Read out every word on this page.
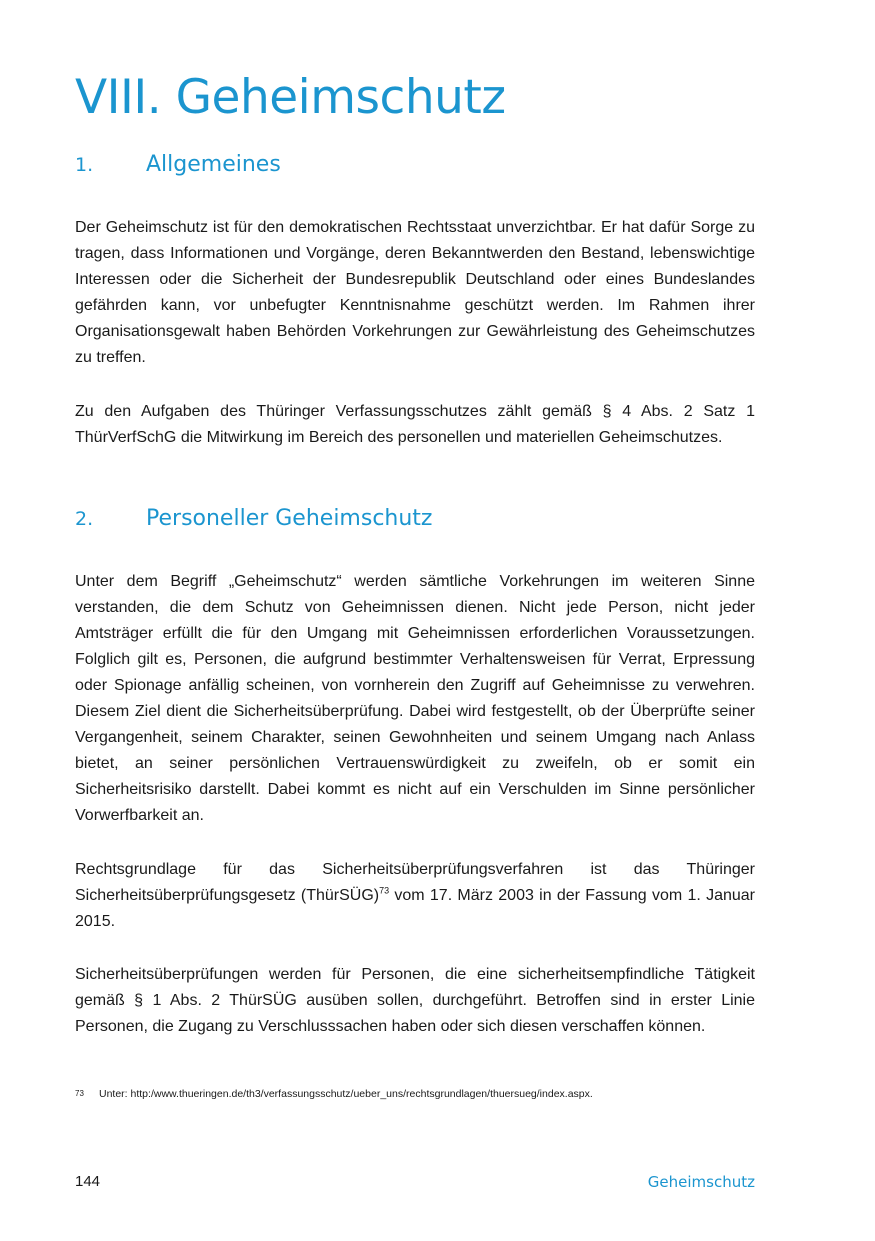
VIII. Geheimschutz
1. Allgemeines

Der Geheimschutz ist für den demokratischen Rechtsstaat unverzichtbar. Er hat dafür Sorge zu tragen, dass Informationen und Vorgänge, deren Bekanntwerden den Bestand, lebenswichtige Interessen oder die Sicherheit der Bundesrepublik Deutschland oder eines Bundeslandes gefährden kann, vor unbefugter Kenntnisnahme geschützt werden. Im Rahmen ihrer Organisationsgewalt haben Behörden Vorkehrungen zur Gewährleistung des Geheimschutzes zu treffen.

Zu den Aufgaben des Thüringer Verfassungsschutzes zählt gemäß § 4 Abs. 2 Satz 1 ThürVerfSchG die Mitwirkung im Bereich des personellen und materiellen Geheimschutzes.

2. Personeller Geheimschutz

Unter dem Begriff „Geheimschutz“ werden sämtliche Vorkehrungen im weiteren Sinne verstanden, die dem Schutz von Geheimnissen dienen. Nicht jede Person, nicht jeder Amtsträger erfüllt die für den Umgang mit Geheimnissen erforderlichen Voraussetzungen. Folglich gilt es, Personen, die aufgrund bestimmter Verhaltensweisen für Verrat, Erpressung oder Spionage anfällig scheinen, von vornherein den Zugriff auf Geheimnisse zu verwehren. Diesem Ziel dient die Sicherheitsüberprüfung. Dabei wird festgestellt, ob der Überprüfte seiner Vergangenheit, seinem Charakter, seinen Gewohnheiten und seinem Umgang nach Anlass bietet, an seiner persönlichen Vertrauenswürdigkeit zu zweifeln, ob er somit ein Sicherheitsrisiko darstellt. Dabei kommt es nicht auf ein Verschulden im Sinne persönlicher Vorwerfbarkeit an.

Rechtsgrundlage für das Sicherheitsüberprüfungsverfahren ist das Thüringer Sicherheitsüberprüfungsgesetz (ThürSÜG)$^{73}$ vom 17. März 2003 in der Fassung vom 1. Januar 2015.

Sicherheitsüberprüfungen werden für Personen, die eine sicherheitsempfindliche Tätigkeit gemäß § 1 Abs. 2 ThürSÜG ausüben sollen, durchgeführt. Betroffen sind in erster Linie Personen, die Zugang zu Verschlusssachen haben oder sich diesen verschaffen können.

73 Unter: http:/www.thueringen.de/th3/verfassungsschutz/ueber_uns/rechtsgrundlagen/thuersueg/index.aspx.

144	Geheimschutz
